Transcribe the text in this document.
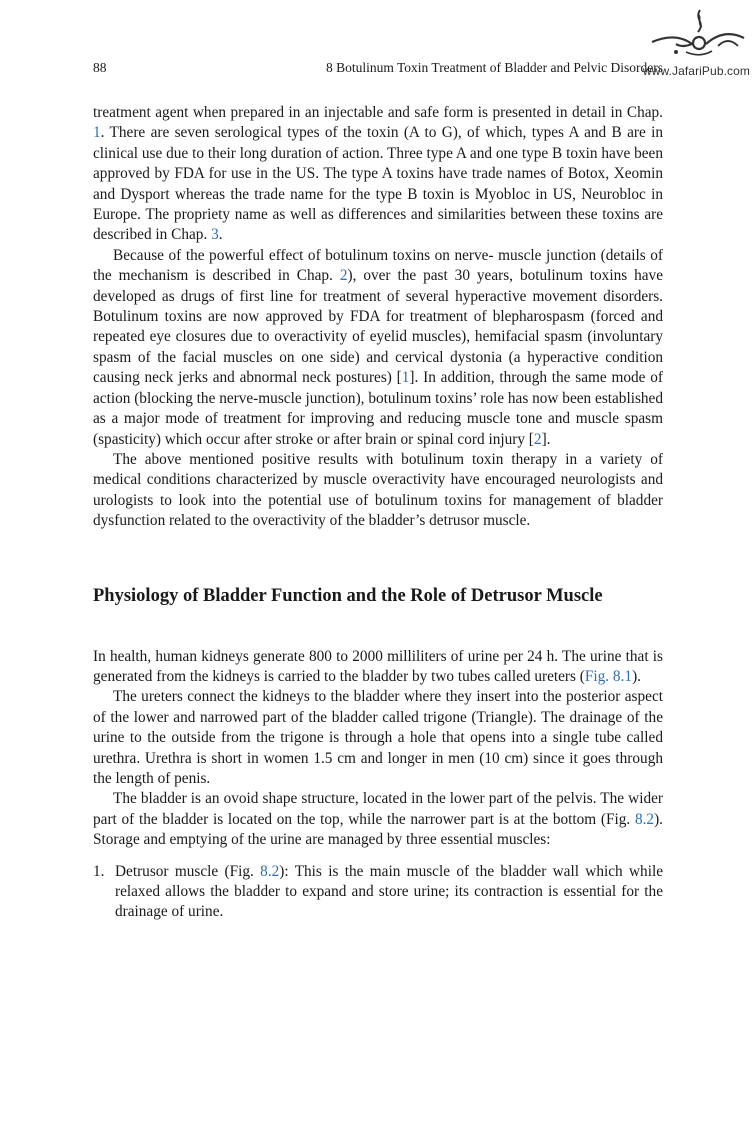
88	8 Botulinum Toxin Treatment of Bladder and Pelvic Disorders
www.JafariPub.com

treatment agent when prepared in an injectable and safe form is presented in detail in Chap. 1. There are seven serological types of the toxin (A to G), of which, types A and B are in clinical use due to their long duration of action. Three type A and one type B toxin have been approved by FDA for use in the US. The type A toxins have trade names of Botox, Xeomin and Dysport whereas the trade name for the type B toxin is Myobloc in US, Neurobloc in Europe. The propriety name as well as differences and similarities between these toxins are described in Chap. 3.

Because of the powerful effect of botulinum toxins on nerve- muscle junction (details of the mechanism is described in Chap. 2), over the past 30 years, botulinum toxins have developed as drugs of first line for treatment of several hyperactive movement disorders. Botulinum toxins are now approved by FDA for treatment of blepharospasm (forced and repeated eye closures due to overactivity of eyelid muscles), hemifacial spasm (involuntary spasm of the facial muscles on one side) and cervical dystonia (a hyperactive condition causing neck jerks and abnormal neck postures) [1]. In addition, through the same mode of action (blocking the nerve-muscle junction), botulinum toxins’ role has now been established as a major mode of treatment for improving and reducing muscle tone and muscle spasm (spasticity) which occur after stroke or after brain or spinal cord injury [2].

The above mentioned positive results with botulinum toxin therapy in a variety of medical conditions characterized by muscle overactivity have encouraged neurologists and urologists to look into the potential use of botulinum toxins for management of bladder dysfunction related to the overactivity of the bladder’s detrusor muscle.

Physiology of Bladder Function and the Role of Detrusor Muscle

In health, human kidneys generate 800 to 2000 milliliters of urine per 24 h. The urine that is generated from the kidneys is carried to the bladder by two tubes called ureters (Fig. 8.1).

The ureters connect the kidneys to the bladder where they insert into the posterior aspect of the lower and narrowed part of the bladder called trigone (Triangle). The drainage of the urine to the outside from the trigone is through a hole that opens into a single tube called urethra. Urethra is short in women 1.5 cm and longer in men (10 cm) since it goes through the length of penis.

The bladder is an ovoid shape structure, located in the lower part of the pelvis. The wider part of the bladder is located on the top, while the narrower part is at the bottom (Fig. 8.2). Storage and emptying of the urine are managed by three essential muscles:

1. Detrusor muscle (Fig. 8.2): This is the main muscle of the bladder wall which while relaxed allows the bladder to expand and store urine; its contraction is essential for the drainage of urine.
